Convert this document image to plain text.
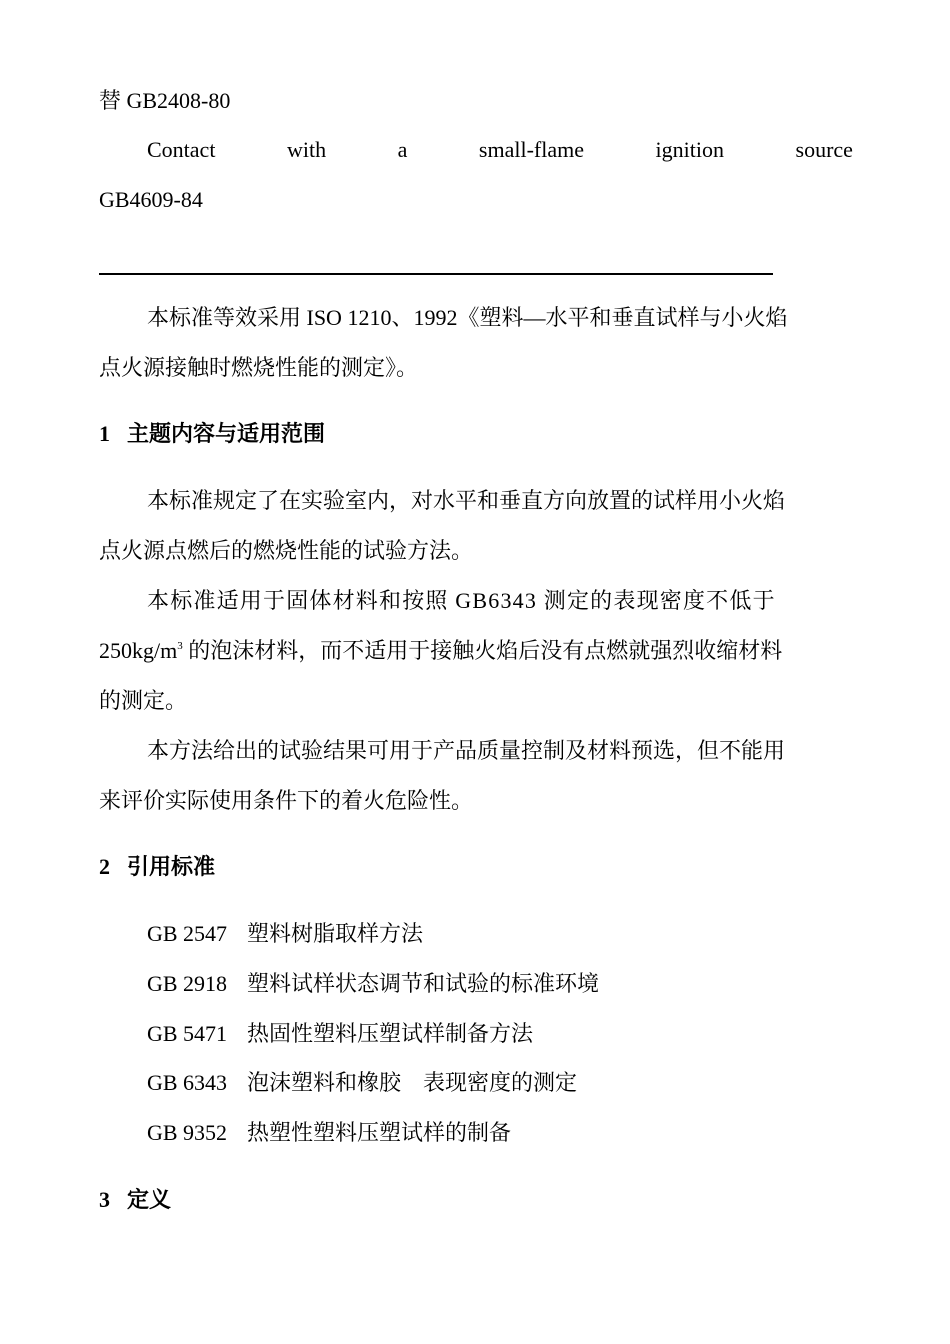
替 GB2408-80
Contact	with	a	small-flame	ignition	source
GB4609-84
本标准等效采用 ISO 1210、1992《塑料—水平和垂直试样与小火焰
点火源接触时燃烧性能的测定》。
1 主题内容与适用范围
本标准规定了在实验室内，对水平和垂直方向放置的试样用小火焰
点火源点燃后的燃烧性能的试验方法。
本标准适用于固体材料和按照 GB6343 测定的表现密度不低于
$250kg/m^3$ 的泡沫材料，而不适用于接触火焰后没有点燃就强烈收缩材料
的测定。
本方法给出的试验结果可用于产品质量控制及材料预选，但不能用
来评价实际使用条件下的着火危险性。
2 引用标准
GB 2547 塑料树脂取样方法
GB 2918 塑料试样状态调节和试验的标准环境
GB 5471 热固性塑料压塑试样制备方法
GB 6343 泡沫塑料和橡胶　表现密度的测定
GB 9352 热塑性塑料压塑试样的制备
3 定义
